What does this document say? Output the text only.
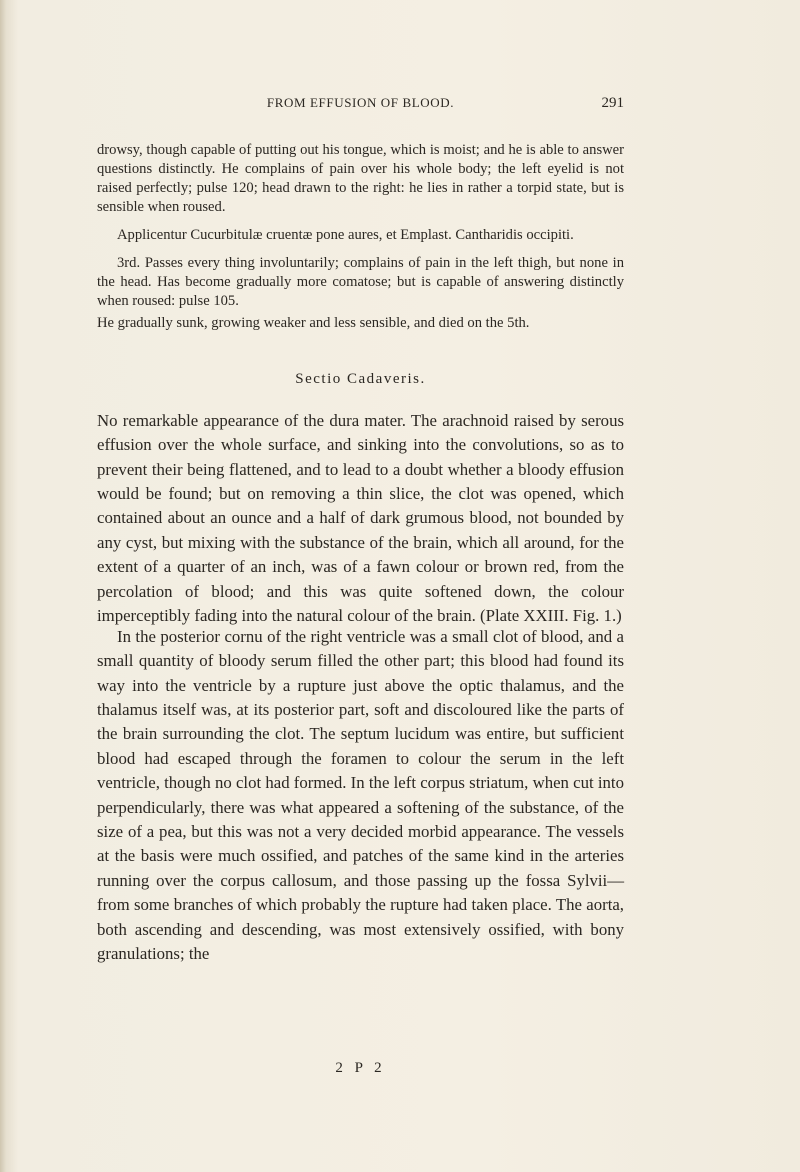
FROM EFFUSION OF BLOOD.	291

drowsy, though capable of putting out his tongue, which is moist; and he is able to answer questions distinctly. He complains of pain over his whole body; the left eyelid is not raised perfectly; pulse 120; head drawn to the right: he lies in rather a torpid state, but is sensible when roused.

Applicentur Cucurbitulæ cruentæ pone aures, et Emplast. Cantharidis occipiti.

3rd. Passes every thing involuntarily; complains of pain in the left thigh, but none in the head. Has become gradually more comatose; but is capable of answering distinctly when roused: pulse 105.

He gradually sunk, growing weaker and less sensible, and died on the 5th.

Sectio Cadaveris.

No remarkable appearance of the dura mater. The arachnoid raised by serous effusion over the whole surface, and sinking into the convolutions, so as to prevent their being flattened, and to lead to a doubt whether a bloody effusion would be found; but on removing a thin slice, the clot was opened, which contained about an ounce and a half of dark grumous blood, not bounded by any cyst, but mixing with the substance of the brain, which all around, for the extent of a quarter of an inch, was of a fawn colour or brown red, from the percolation of blood; and this was quite softened down, the colour imperceptibly fading into the natural colour of the brain. (Plate XXIII. Fig. 1.)

In the posterior cornu of the right ventricle was a small clot of blood, and a small quantity of bloody serum filled the other part; this blood had found its way into the ventricle by a rupture just above the optic thalamus, and the thalamus itself was, at its posterior part, soft and discoloured like the parts of the brain surrounding the clot. The septum lucidum was entire, but sufficient blood had escaped through the foramen to colour the serum in the left ventricle, though no clot had formed. In the left corpus striatum, when cut into perpendicularly, there was what appeared a softening of the substance, of the size of a pea, but this was not a very decided morbid appearance. The vessels at the basis were much ossified, and patches of the same kind in the arteries running over the corpus callosum, and those passing up the fossa Sylvii—from some branches of which probably the rupture had taken place. The aorta, both ascending and descending, was most extensively ossified, with bony granulations; the

2 P 2
